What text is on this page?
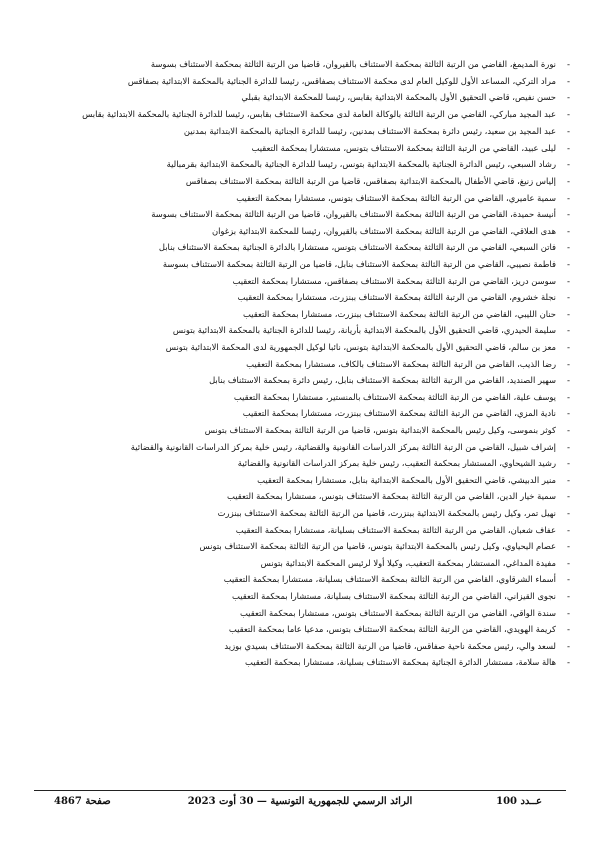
- نورة المديمغ، القاضي من الرتبة الثالثة بمحكمة الاستئناف بالقيروان، قاضيا من الرتبة الثالثة بمحكمة الاستئناف بسوسة
- مراد التركي، المساعد الأول للوكيل العام لدى محكمة الاستئناف بصفاقس، رئيسا للدائرة الجنائية بالمحكمة الابتدائية بصفاقس
- حسن نفيص، قاضي التحقيق الأول بالمحكمة الابتدائية بقابس، رئيسا للمحكمة الابتدائية بقبلي
- عبد المجيد مباركي، القاضي من الرتبة الثالثة بالوكالة العامة لدى محكمة الاستئناف بقابس، رئيسا للدائرة الجنائية بالمحكمة الابتدائية بقابس
- عبد المجيد بن سعيد، رئيس دائرة بمحكمة الاستئناف بمدنين، رئيسا للدائرة الجنائية بالمحكمة الابتدائية بمدنين
- ليلى عبيد، القاضي من الرتبة الثالثة بمحكمة الاستئناف بتونس، مستشارا بمحكمة التعقيب
- رشاد السبعي، رئيس الدائرة الجنائية بالمحكمة الابتدائية بتونس، رئيسا للدائرة الجنائية بالمحكمة الابتدائية بقرمبالية
- إلياس زنيغ، قاضي الأطفال بالمحكمة الابتدائية بصفاقس، قاضيا من الرتبة الثالثة بمحكمة الاستئناف بصفاقس
- سمية عاميري، القاضي من الرتبة الثالثة بمحكمة الاستئناف بتونس، مستشارا بمحكمة التعقيب
- أنيسة حميدة، القاضي من الرتبة الثالثة بمحكمة الاستئناف بالقيروان، قاضيا من الرتبة الثالثة بمحكمة الاستئناف بسوسة
- هدى العلاقي، القاضي من الرتبة الثالثة بمحكمة الاستئناف بالقيروان، رئيسا للمحكمة الابتدائية بزغوان
- فاتن السبعي، القاضي من الرتبة الثالثة بمحكمة الاستئناف بتونس، مستشارا بالدائرة الجنائية بمحكمة الاستئناف بنابل
- فاطمة نصيبي، القاضي من الرتبة الثالثة بمحكمة الاستئناف بنابل، قاضيا من الرتبة الثالثة بمحكمة الاستئناف بسوسة
- سوسن دريز، القاضي من الرتبة الثالثة بمحكمة الاستئناف بصفاقس، مستشارا بمحكمة التعقيب
- نجلة خشروم، القاضي من الرتبة الثالثة بمحكمة الاستئناف ببنزرت، مستشارا بمحكمة التعقيب
- حنان الليبي، القاضي من الرتبة الثالثة بمحكمة الاستئناف ببنزرت، مستشارا بمحكمة التعقيب
- سليمة الحيدري، قاضي التحقيق الأول بالمحكمة الابتدائية بأريانة، رئيسا للدائرة الجنائية بالمحكمة الابتدائية بتونس
- معز بن سالم، قاضي التحقيق الأول بالمحكمة الابتدائية بتونس، نائبا لوكيل الجمهورية لدى المحكمة الابتدائية بتونس
- رضا الذيب، القاضي من الرتبة الثالثة بمحكمة الاستئناف بالكاف، مستشارا بمحكمة التعقيب
- سهير الصنديد، القاضي من الرتبة الثالثة بمحكمة الاستئناف بنابل، رئيس دائرة بمحكمة الاستئناف بنابل
- يوسف علية، القاضي من الرتبة الثالثة بمحكمة الاستئناف بالمنستير، مستشارا بمحكمة التعقيب
- نادية المزي، القاضي من الرتبة الثالثة بمحكمة الاستئناف ببنزرت، مستشارا بمحكمة التعقيب
- كوثر بنموسى، وكيل رئيس بالمحكمة الابتدائية بتونس، قاضيا من الرتبة الثالثة بمحكمة الاستئناف بتونس
- إشراف شبيل، القاضي من الرتبة الثالثة بمركز الدراسات القانونية والقضائية، رئيس خلية بمركز الدراسات القانونية والقضائية
- رشيد الشيحاوي، المستشار بمحكمة التعقيب، رئيس خلية بمركز الدراسات القانونية والقضائية
- منير الدبيشي، قاضي التحقيق الأول بالمحكمة الابتدائية بنابل، مستشارا بمحكمة التعقيب
- سمية خيار الدين، القاضي من الرتبة الثالثة بمحكمة الاستئناف بتونس، مستشارا بمحكمة التعقيب
- نهيل تمر، وكيل رئيس بالمحكمة الابتدائية ببنزرت، قاضيا من الرتبة الثالثة بمحكمة الاستئناف ببنزرت
- عفاف شعبان، القاضي من الرتبة الثالثة بمحكمة الاستئناف بسليانة، مستشارا بمحكمة التعقيب
- عصام اليحياوي، وكيل رئيس بالمحكمة الابتدائية بتونس، قاضيا من الرتبة الثالثة بمحكمة الاستئناف بتونس
- مفيدة المداغي، المستشار بمحكمة التعقيب، وكيلا أولا لرئيس المحكمة الابتدائية بتونس
- أسماء الشرقاوي، القاضي من الرتبة الثالثة بمحكمة الاستئناف بسليانة، مستشارا بمحكمة التعقيب
- نجوى القيزاني، القاضي من الرتبة الثالثة بمحكمة الاستئناف بسليانة، مستشارا بمحكمة التعقيب
- سندة الواقي، القاضي من الرتبة الثالثة بمحكمة الاستئناف بتونس، مستشارا بمحكمة التعقيب
- كريمة الهويدي، القاضي من الرتبة الثالثة بمحكمة الاستئناف بتونس، مدعيا عاما بمحكمة التعقيب
- لسعد والي، رئيس محكمة ناحية صفاقس، قاضيا من الرتبة الثالثة بمحكمة الاستئناف بسيدي بوزيد
- هالة سلامة، مستشار الدائرة الجنائية بمحكمة الاستئناف بسليانة، مستشارا بمحكمة التعقيب
صفحة 4867	الرائد الرسمي للجمهورية التونسية — 30 أوت 2023	عــدد 100
